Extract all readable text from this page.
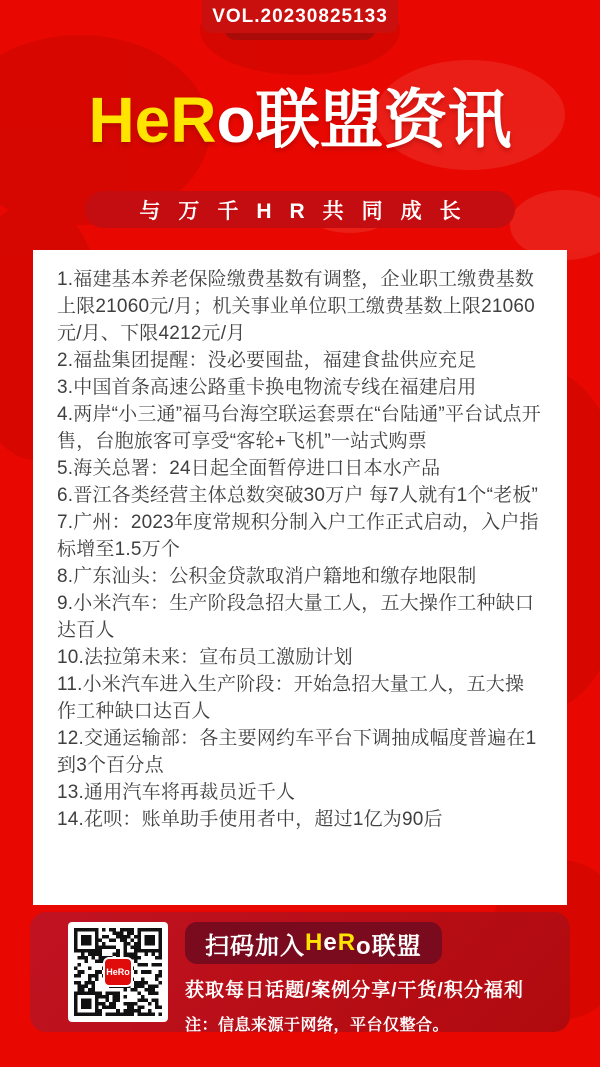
VOL.20230825133
HeRo联盟资讯
与万千HR共同成长
1.福建基本养老保险缴费基数有调整，企业职工缴费基数上限21060元/月；机关事业单位职工缴费基数上限21060元/月、下限4212元/月
2.福盐集团提醒：没必要囤盐，福建食盐供应充足
3.中国首条高速公路重卡换电物流专线在福建启用
4.两岸“小三通”福马台海空联运套票在“台陆通”平台试点开售，台胞旅客可享受“客轮+飞机”一站式购票
5.海关总署：24日起全面暂停进口日本水产品
6.晋江各类经营主体总数突破30万户 每7人就有1个“老板”
7.广州：2023年度常规积分制入户工作正式启动，入户指标增至1.5万个
8.广东汕头：公积金贷款取消户籍地和缴存地限制
9.小米汽车：生产阶段急招大量工人，五大操作工种缺口达百人
10.法拉第未来：宣布员工激励计划
11.小米汽车进入生产阶段：开始急招大量工人，五大操作工种缺口达百人
12.交通运输部：各主要网约车平台下调抽成幅度普遍在1到3个百分点
13.通用汽车将再裁员近千人
14.花呗：账单助手使用者中，超过1亿为90后
HeRo
扫码加入 H e R o联盟
获取每日话题/案例分享/干货/积分福利
注：信息来源于网络，平台仅整合。
